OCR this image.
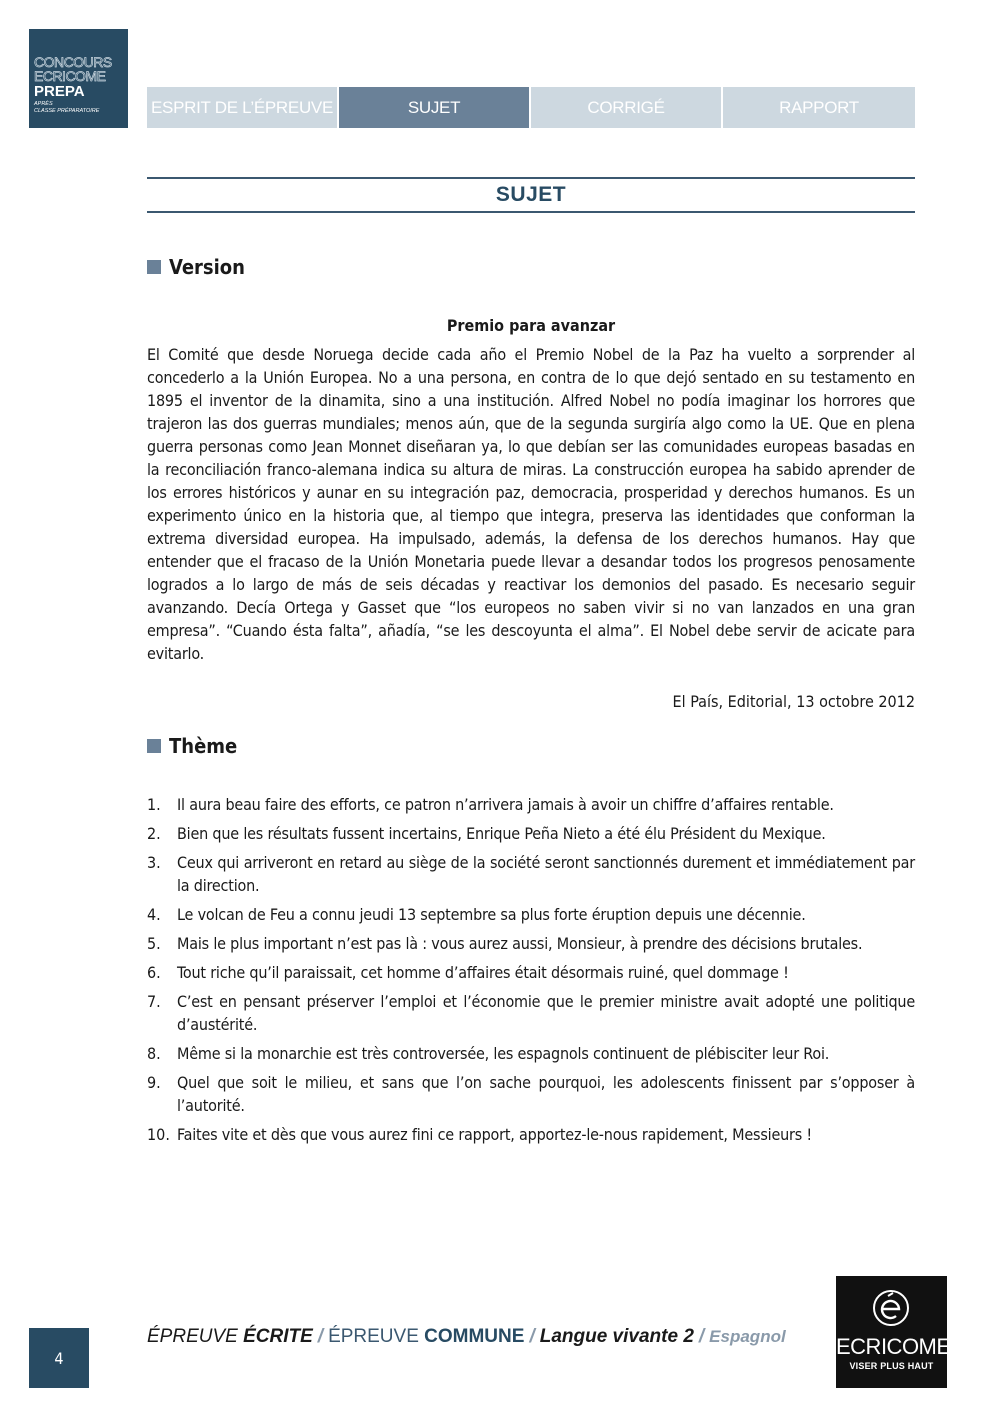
CONCOURS
ECRICOME
PREPA
APRÈS
CLASSE PRÉPARATOIRE	ESPRIT DE L’ÉPREUVE	SUJET	CORRIGÉ	RAPPORT
SUJET
Version
Premio para avanzar
El Comité que desde Noruega decide cada año el Premio Nobel de la Paz ha vuelto a sorprender al concederlo a la Unión Europea. No a una persona, en contra de lo que dejó sentado en su testamento en 1895 el inventor de la dinamita, sino a una institución. Alfred Nobel no podía imaginar los horrores que trajeron las dos guerras mundiales; menos aún, que de la segunda surgiría algo como la UE. Que en plena guerra personas como Jean Monnet diseñaran ya, lo que debían ser las comunidades europeas basadas en la reconciliación franco-alemana indica su altura de miras. La construcción europea ha sabido aprender de los errores históricos y aunar en su integración paz, democracia, prosperidad y derechos humanos. Es un experimento único en la historia que, al tiempo que integra, preserva las identidades que conforman la extrema diversidad europea. Ha impulsado, además, la defensa de los derechos humanos. Hay que entender que el fracaso de la Unión Monetaria puede llevar a desandar todos los progresos penosamente logrados a lo largo de más de seis décadas y reactivar los demonios del pasado. Es necesario seguir avanzando. Decía Ortega y Gasset que “los europeos no saben vivir si no van lanzados en una gran empresa”. “Cuando ésta falta”, añadía, “se les descoyunta el alma”. El Nobel debe servir de acicate para evitarlo.
El País, Editorial, 13 octobre 2012
Thème
1.	Il aura beau faire des efforts, ce patron n’arrivera jamais à avoir un chiffre d’affaires rentable.
2.	Bien que les résultats fussent incertains, Enrique Peña Nieto a été élu Président du Mexique.
3.	Ceux qui arriveront en retard au siège de la société seront sanctionnés durement et immédiatement par la direction.
4.	Le volcan de Feu a connu jeudi 13 septembre sa plus forte éruption depuis une décennie.
5.	Mais le plus important n’est pas là : vous aurez aussi, Monsieur, à prendre des décisions brutales.
6.	Tout riche qu’il paraissait, cet homme d’affaires était désormais ruiné, quel dommage !
7.	C’est en pensant préserver l’emploi et l’économie que le premier ministre avait adopté une politique d’austérité.
8.	Même si la monarchie est très controversée, les espagnols continuent de plébisciter leur Roi.
9.	Quel que soit le milieu, et sans que l’on sache pourquoi, les adolescents finissent par s’opposer à l’autorité.
10. Faites vite et dès que vous aurez fini ce rapport, apportez-le-nous rapidement, Messieurs !
4
ÉPREUVE ÉCRITE / ÉPREUVE COMMUNE / Langue vivante 2 / Espagnol ECRICOME
VISER PLUS HAUT
